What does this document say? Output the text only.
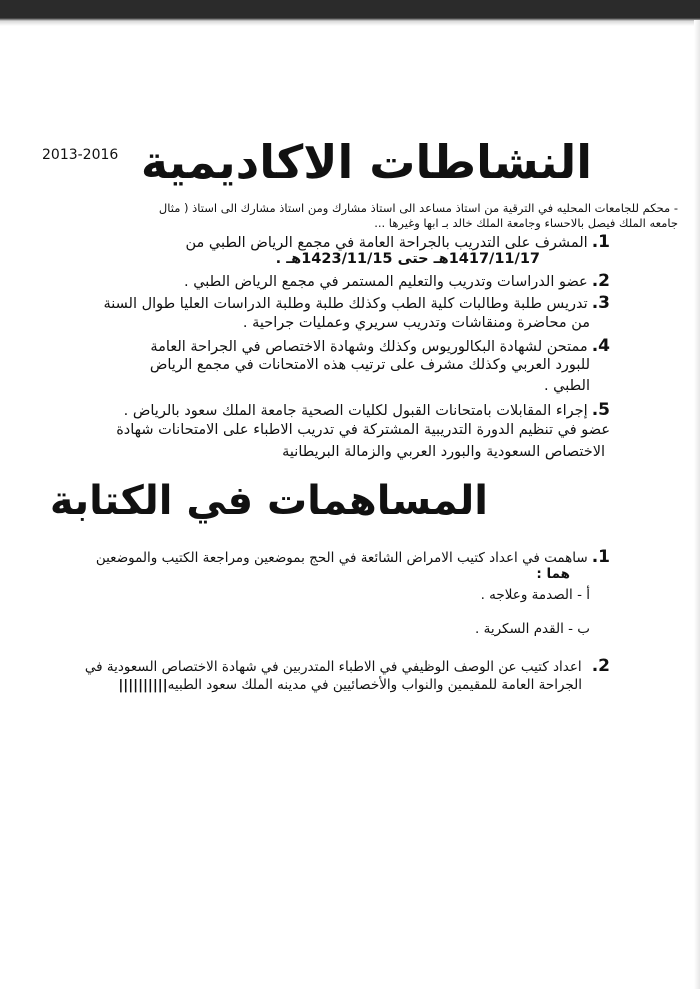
2013-2016 النشاطات الاكاديمية
- محكم للجامعات المحليه في الترقية من استاذ مساعد الى استاذ مشارك ومن استاذ مشارك الى استاذ ( مثال
جامعه الملك فيصل بالاحساء وجامعة الملك خالد بـ ابها وغيرها ...
1.المشرف على التدريب بالجراحة العامة في مجمع الرياض الطبي من
1417/11/17هـ حتى 1423/11/15هـ .
2.عضو الدراسات وتدريب والتعليم المستمر في مجمع الرياض الطبي .
3.تدريس طلبة وطالبات كلية الطب وكذلك طلبة وطلبة الدراسات العليا طوال السنة
من محاضرة ومنقاشات وتدريب سريري وعمليات جراحية .
4.ممتحن لشهادة البكالوريوس وكذلك وشهادة الاختصاص في الجراحة العامة
للبورد العربي وكذلك مشرف على ترتيب هذه الامتحانات في مجمع الرياض
الطبي .
5.إجراء المقابلات بامتحانات القبول لكليات الصحية جامعة الملك سعود بالرياض .
عضو في تنظيم الدورة التدريبية المشتركة في تدريب الاطباء على الامتحانات شهادة
الاختصاص السعودية والبورد العربي والزمالة البريطانية
المساهمات في الكتابة
1.ساهمت في اعداد كتيب الامراض الشائعة في الحج بموضعين ومراجعة الكتيب والموضعين
هما :
أ - الصدمة وعلاجه .
ب - القدم السكرية .
2.اعداد كتيب عن الوصف الوظيفي في الاطباء المتدربين في شهادة الاختصاص السعودية في
الجراحة العامة للمقيمين والنواب والأخصائيين في مدينه الملك سعود الطبيه||||||||||
